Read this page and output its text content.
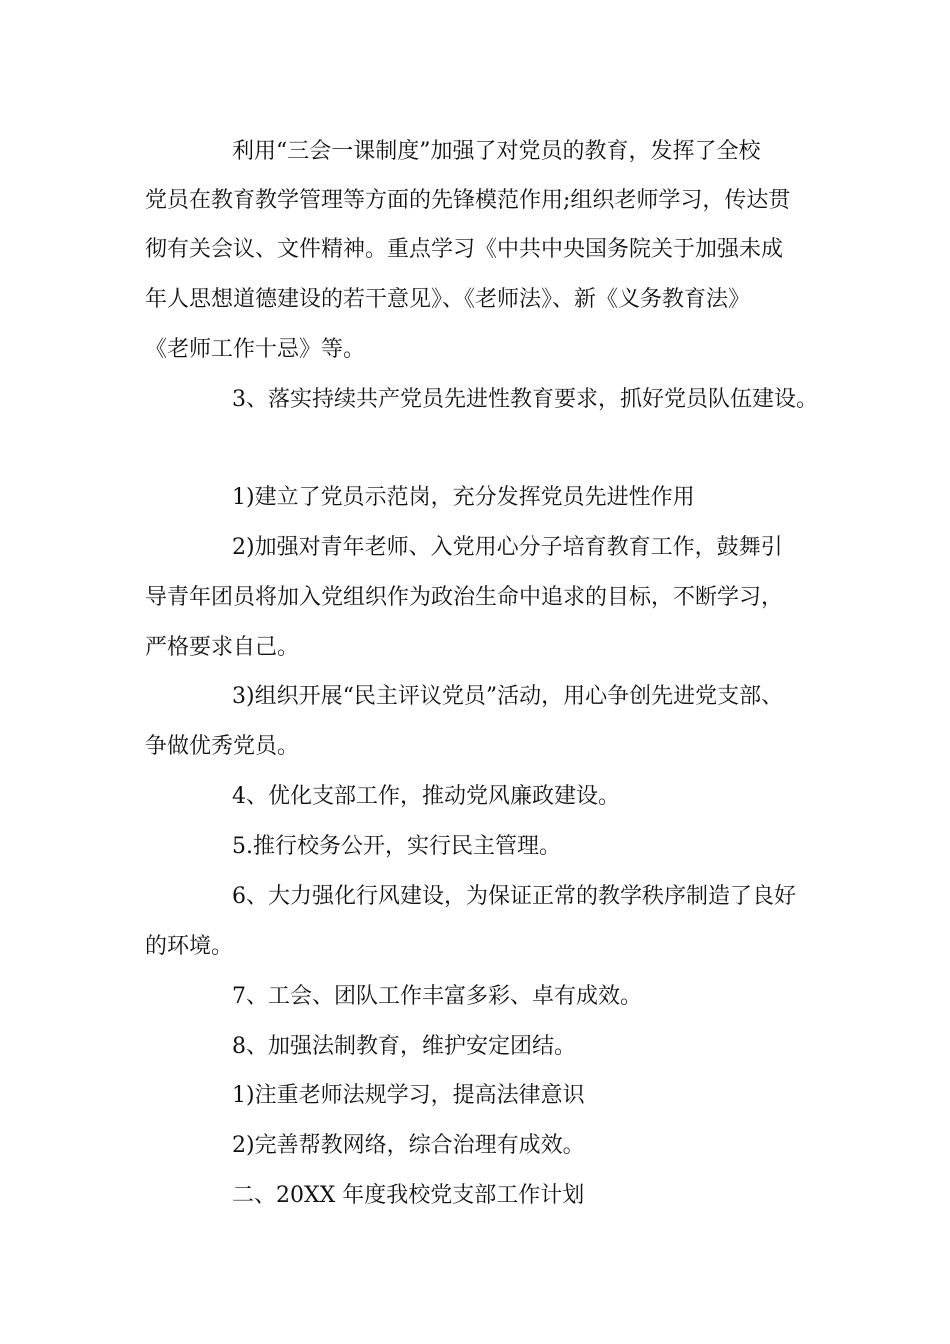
利用“三会一课制度”加强了对党员的教育，发挥了全校
党员在教育教学管理等方面的先锋模范作用;组织老师学习，传达贯
彻有关会议、文件精神。重点学习《中共中央国务院关于加强未成
年人思想道德建设的若干意见》、《老师法》、新《义务教育法》
《老师工作十忌》等。
3、落实持续共产党员先进性教育要求，抓好党员队伍建设。
1)建立了党员示范岗，充分发挥党员先进性作用
2)加强对青年老师、入党用心分子培育教育工作，鼓舞引
导青年团员将加入党组织作为政治生命中追求的目标，不断学习，
严格要求自己。
3)组织开展“民主评议党员”活动，用心争创先进党支部、
争做优秀党员。
4、优化支部工作，推动党风廉政建设。
5.推行校务公开，实行民主管理。
6、大力强化行风建设，为保证正常的教学秩序制造了良好
的环境。
7、工会、团队工作丰富多彩、卓有成效。
8、加强法制教育，维护安定团结。
1)注重老师法规学习，提高法律意识
2)完善帮教网络，综合治理有成效。
二、20XX 年度我校党支部工作计划
